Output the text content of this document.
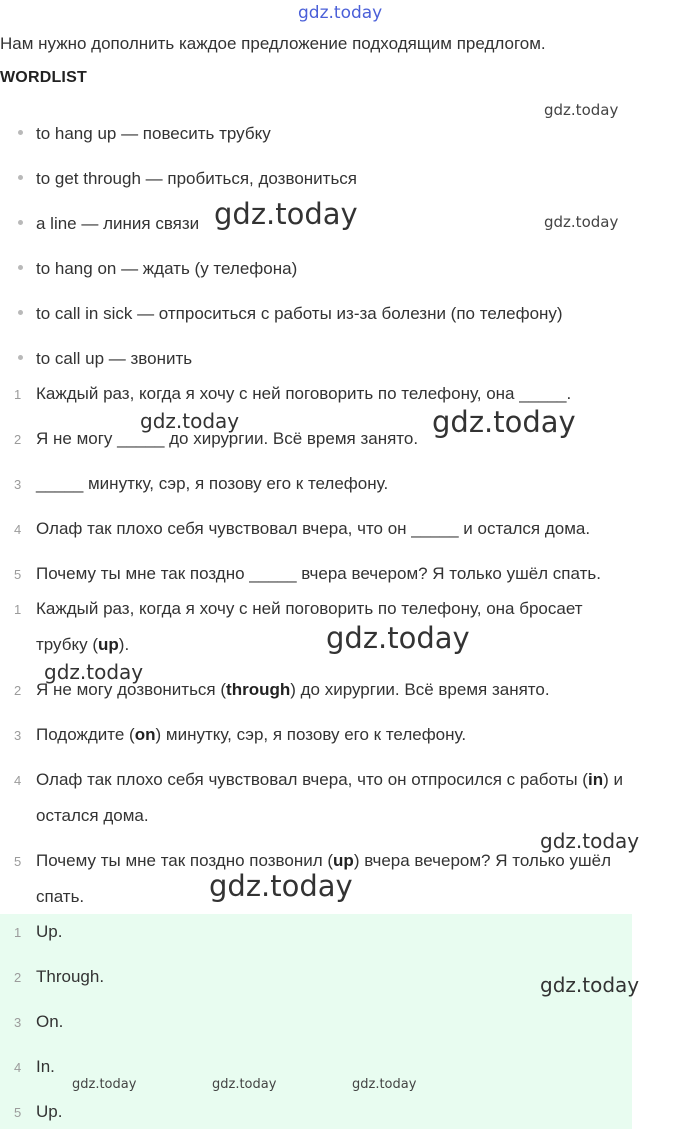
Нам нужно дополнить каждое предложение подходящим предлогом.
WORDLIST
to hang up — повесить трубку
to get through — пробиться, дозвониться
a line — линия связи
to hang on — ждать (у телефона)
to call in sick — отпроситься с работы из-за болезни (по телефону)
to call up — звонить
1 Каждый раз, когда я хочу с ней поговорить по телефону, она _____.
2 Я не могу _____ до хирургии. Всё время занято.
3 _____ минутку, сэр, я позову его к телефону.
4 Олаф так плохо себя чувствовал вчера, что он _____ и остался дома.
5 Почему ты мне так поздно _____ вчера вечером? Я только ушёл спать.
1 Каждый раз, когда я хочу с ней поговорить по телефону, она бросает
трубку (up).
2 Я не могу дозвониться (through) до хирургии. Всё время занято.
3 Подождите (on) минутку, сэр, я позову его к телефону.
4 Олаф так плохо себя чувствовал вчера, что он отпросился с работы (in) и
остался дома.
5 Почему ты мне так поздно позвонил (up) вчера вечером? Я только ушёл
спать.
1 Up.
2 Through.
3 On.
4 In.
5 Up.
gdz.today
gdz.today
gdz.today	gdz.today
gdz.today	gdz.today
gdz.today
gdz.today
gdz.today
gdz.today
gdz.today
gdz.today	gdz.today	gdz.today
